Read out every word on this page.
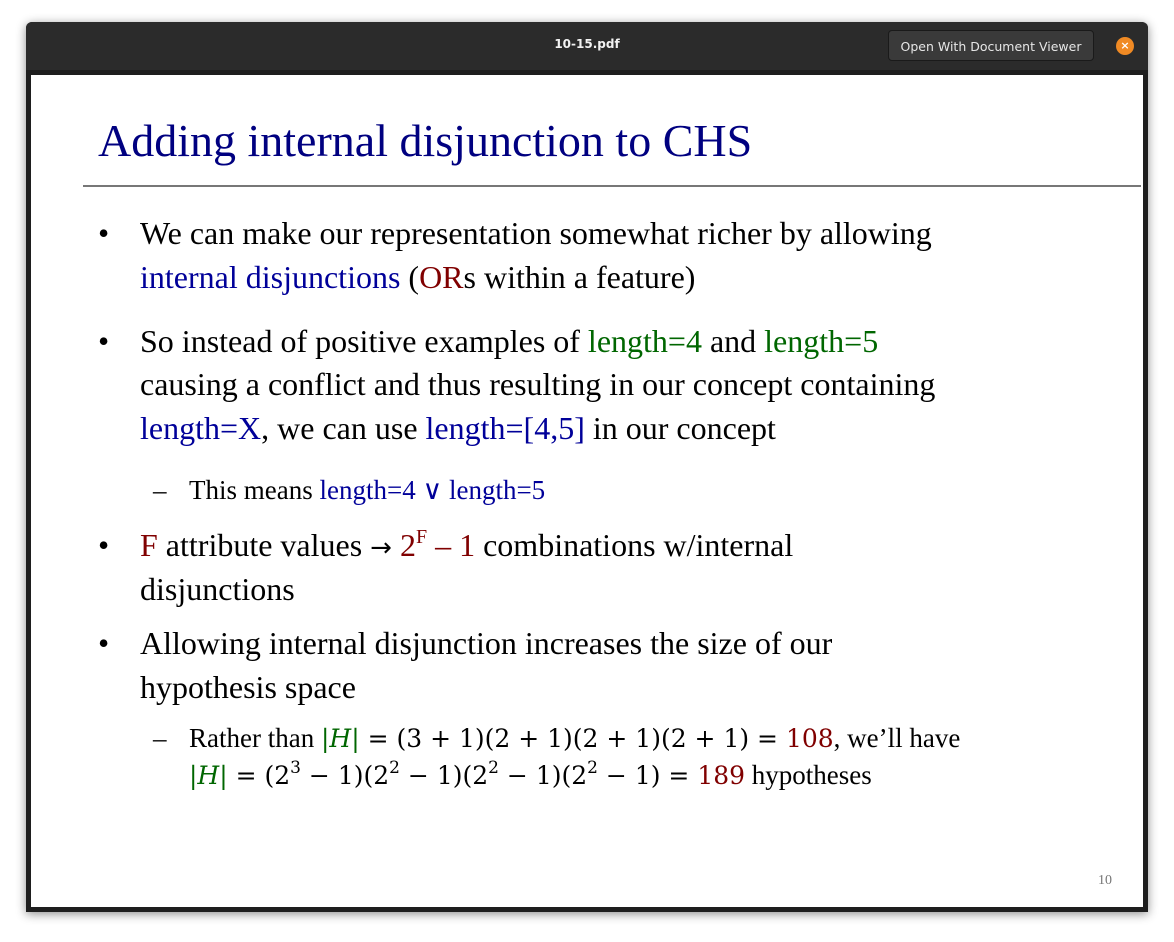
10-15.pdf	Open With Document Viewer	×
Adding internal disjunction to CHS
• We can make our representation somewhat richer by allowing
internal disjunctions (ORs within a feature)
• So instead of positive examples of length=4 and length=5
causing a conflict and thus resulting in our concept containing
length=X, we can use length=[4,5] in our concept
– This means length=4 ∨ length=5
• F attribute values → $2^F - 1$ combinations w/internal
disjunctions
• Allowing internal disjunction increases the size of our
hypothesis space
– Rather than |H| = (3 + 1)(2 + 1)(2 + 1)(2 + 1) = 108, we’ll have
$|H| = (2^3 - 1)(2^2 - 1)(2^2 - 1)(2^2 - 1) = 189$ hypotheses
10
